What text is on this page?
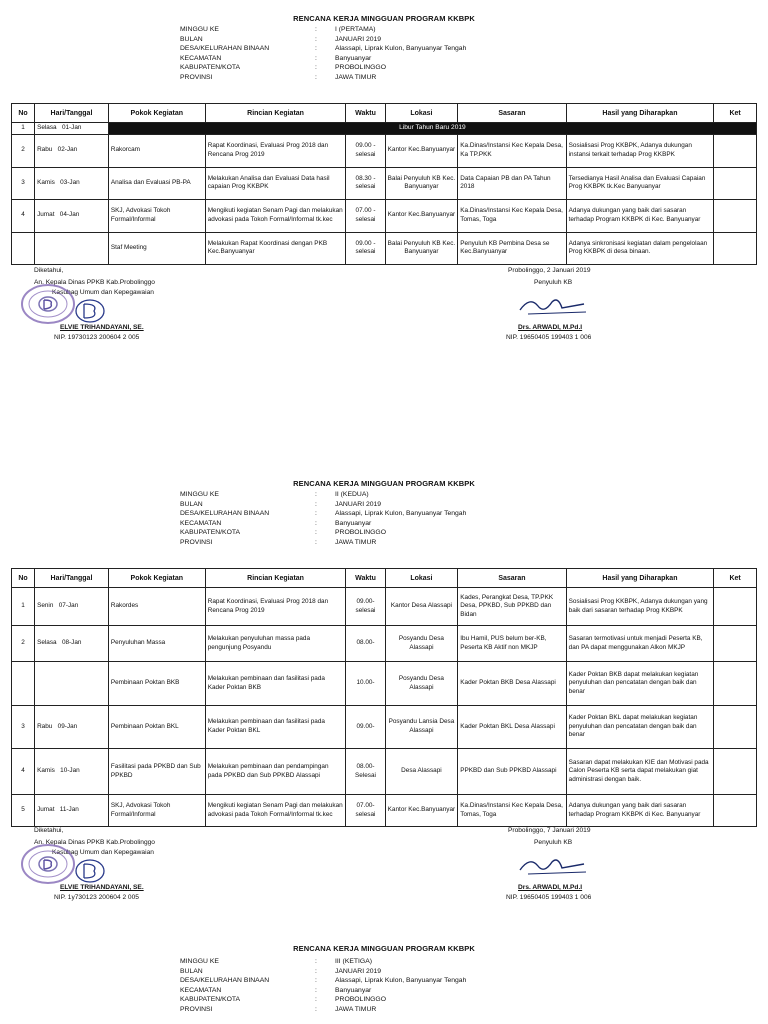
RENCANA KERJA MINGGUAN PROGRAM KKBPK
MINGGU KE	:	I (PERTAMA)
BULAN	:	JANUARI 2019
DESA/KELURAHAN BINAAN	:	Alassapi, Liprak Kulon, Banyuanyar Tengah
KECAMATAN	:	Banyuanyar
KABUPATEN/KOTA	:	PROBOLINGGO
PROVINSI	:	JAWA TIMUR
No	Hari/Tanggal	Pokok Kegiatan	Rincian Kegiatan	Waktu	Lokasi	Sasaran	Hasil yang Diharapkan	Ket
1	Selasa 01-Jan	Libur Tahun Baru 2019						
2	Rabu 02-Jan	Rakorcam	Rapat Koordinasi, Evaluasi Prog 2018 dan Rencana Prog 2019	09.00 - selesai	Kantor Kec.Banyuanyar	Ka.Dinas/Instansi Kec Kepala Desa, Ka TP.PKK	Sosialisasi Prog KKBPK, Adanya dukungan instansi terkait terhadap Prog KKBPK	
3	Kamis 03-Jan	Analisa dan Evaluasi PB-PA	Melakukan Analisa dan Evaluasi Data hasil capaian Prog KKBPK	08.30 - selesai	Balai Penyuluh KB Kec. Banyuanyar	Data Capaian PB dan PA Tahun 2018	Tersedianya Hasil Analisa dan Evaluasi Capaian Prog KKBPK tk.Kec Banyuanyar	
4	Jumat 04-Jan	SKJ, Advokasi Tokoh Formal/Informal	Mengikuti kegiatan Senam Pagi dan melakukan advokasi pada Tokoh Formal/Informal tk.kec	07.00 - selesai	Kantor Kec.Banyuanyar	Ka.Dinas/Instansi Kec Kepala Desa, Tomas, Toga	Adanya dukungan yang baik dari sasaran terhadap Program KKBPK di Kec. Banyuanyar	
		Staf Meeting	Melakukan Rapat Koordinasi dengan PKB Kec.Banyuanyar	09.00 - selesai	Balai Penyuluh KB Kec. Banyuanyar	Penyuluh KB Pembina Desa se Kec.Banyuanyar	Adanya sinkronisasi kegiatan dalam pengelolaan Prog KKBPK di desa binaan.	
Diketahui,
An. Kepala Dinas PPKB Kab.Probolinggo
Kasubag Umum dan Kepegawaian
ELVIE TRIHANDAYANI, SE.
NIP. 19730123 200604 2 005
Probolinggo, 2 Januari 2019
Penyuluh KB
Drs. ARWADI, M.Pd.I
NIP. 19650405 199403 1 006
RENCANA KERJA MINGGUAN PROGRAM KKBPK
MINGGU KE	:	II (KEDUA)
BULAN	:	JANUARI 2019
DESA/KELURAHAN BINAAN	:	Alassapi, Liprak Kulon, Banyuanyar Tengah
KECAMATAN	:	Banyuanyar
KABUPATEN/KOTA	:	PROBOLINGGO
PROVINSI	:	JAWA TIMUR
No	Hari/Tanggal	Pokok Kegiatan	Rincian Kegiatan	Waktu	Lokasi	Sasaran	Hasil yang Diharapkan	Ket
1	Senin 07-Jan	Rakordes	Rapat Koordinasi, Evaluasi Prog 2018 dan Rencana Prog 2019	09.00-selesai	Kantor Desa Alassapi	Kades, Perangkat Desa, TP.PKK Desa, PPKBD, Sub PPKBD dan Bidan	Sosialisasi Prog KKBPK, Adanya dukungan yang baik dari sasaran terhadap Prog KKBPK	
2	Selasa 08-Jan	Penyuluhan Massa	Melakukan penyuluhan massa pada pengunjung Posyandu	08.00-	Posyandu Desa Alassapi	Ibu Hamil, PUS belum ber-KB, Peserta KB Aktif non MKJP	Sasaran termotivasi untuk menjadi Peserta KB, dan PA dapat menggunakan Alkon MKJP	
		Pembinaan Poktan BKB	Melakukan pembinaan dan fasilitasi pada Kader Poktan BKB	10.00-	Posyandu Desa Alassapi	Kader Poktan BKB Desa Alassapi	Kader Poktan BKB dapat melakukan kegiatan penyuluhan dan pencatatan dengan baik dan benar	
3	Rabu 09-Jan	Pembinaan Poktan BKL	Melakukan pembinaan dan fasilitasi pada Kader Poktan BKL	09.00-	Posyandu Lansia Desa Alassapi	Kader Poktan BKL Desa Alassapi	Kader Poktan BKL dapat melakukan kegiatan penyuluhan dan pencatatan dengan baik dan benar	
4	Kamis 10-Jan	Fasilitasi pada PPKBD dan Sub PPKBD	Melakukan pembinaan dan pendampingan pada PPKBD dan Sub PPKBD Alassapi	08.00-Selesai	Desa Alassapi	PPKBD dan Sub PPKBD Alassapi	Sasaran dapat melakukan KIE dan Motivasi pada Calon Peserta KB serta dapat melakukan giat administrasi dengan baik.	
5	Jumat 11-Jan	SKJ, Advokasi Tokoh Formal/Informal	Mengikuti kegiatan Senam Pagi dan melakukan advokasi pada Tokoh Formal/Informal tk.kec	07.00-selesai	Kantor Kec.Banyuanyar	Ka.Dinas/Instansi Kec Kepala Desa, Tomas, Toga	Adanya dukungan yang baik dari sasaran terhadap Program KKBPK di Kec. Banyuanyar	
Diketahui,
An. Kepala Dinas PPKB Kab.Probolinggo
Kasubag Umum dan Kepegawaian
ELVIE TRIHANDAYANI, SE.
NIP. 1y730123 200604 2 005
Probolinggo, 7 Januari 2019
Penyuluh KB
Drs. ARWADI, M.Pd.I
NIP. 19650405 199403 1 006
RENCANA KERJA MINGGUAN PROGRAM KKBPK
MINGGU KE	:	III (KETIGA)
BULAN	:	JANUARI 2019
DESA/KELURAHAN BINAAN	:	Alassapi, Liprak Kulon, Banyuanyar Tengah
KECAMATAN	:	Banyuanyar
KABUPATEN/KOTA	:	PROBOLINGGO
PROVINSI	:	JAWA TIMUR
